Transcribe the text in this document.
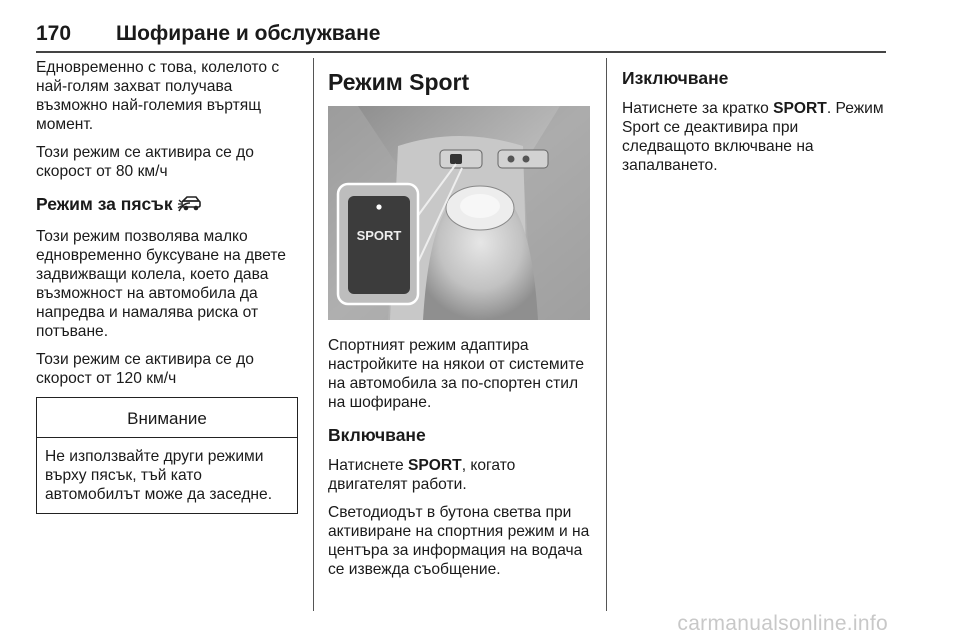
170 Шофиране и обслужване

Едновременно с това, колелото с най-голям захват получава възможно най-големия въртящ момент.

Този режим се активира се до скорост от 80 км/ч

Режим за пясък

Този режим позволява малко едновременно буксуване на двете задвижващи колела, което дава възможност на автомобила да напредва и намалява риска от потъване.

Този режим се активира се до скорост от 120 км/ч

Внимание
Не използвайте други режими върху пясък, тъй като автомобилът може да заседне.
Режим Sport
SPORT

Спортният режим адаптира настройките на някои от системите на автомобила за по-спортен стил на шофиране.

Включване

Натиснете SPORT, когато двигателят работи.

Светодиодът в бутона светва при активиране на спортния режим и на центъра за информация на водача се извежда съобщение.

Изключване

Натиснете за кратко SPORT. Режим Sport се деактивира при следващото включване на запалването.

carmanualsonline.info
